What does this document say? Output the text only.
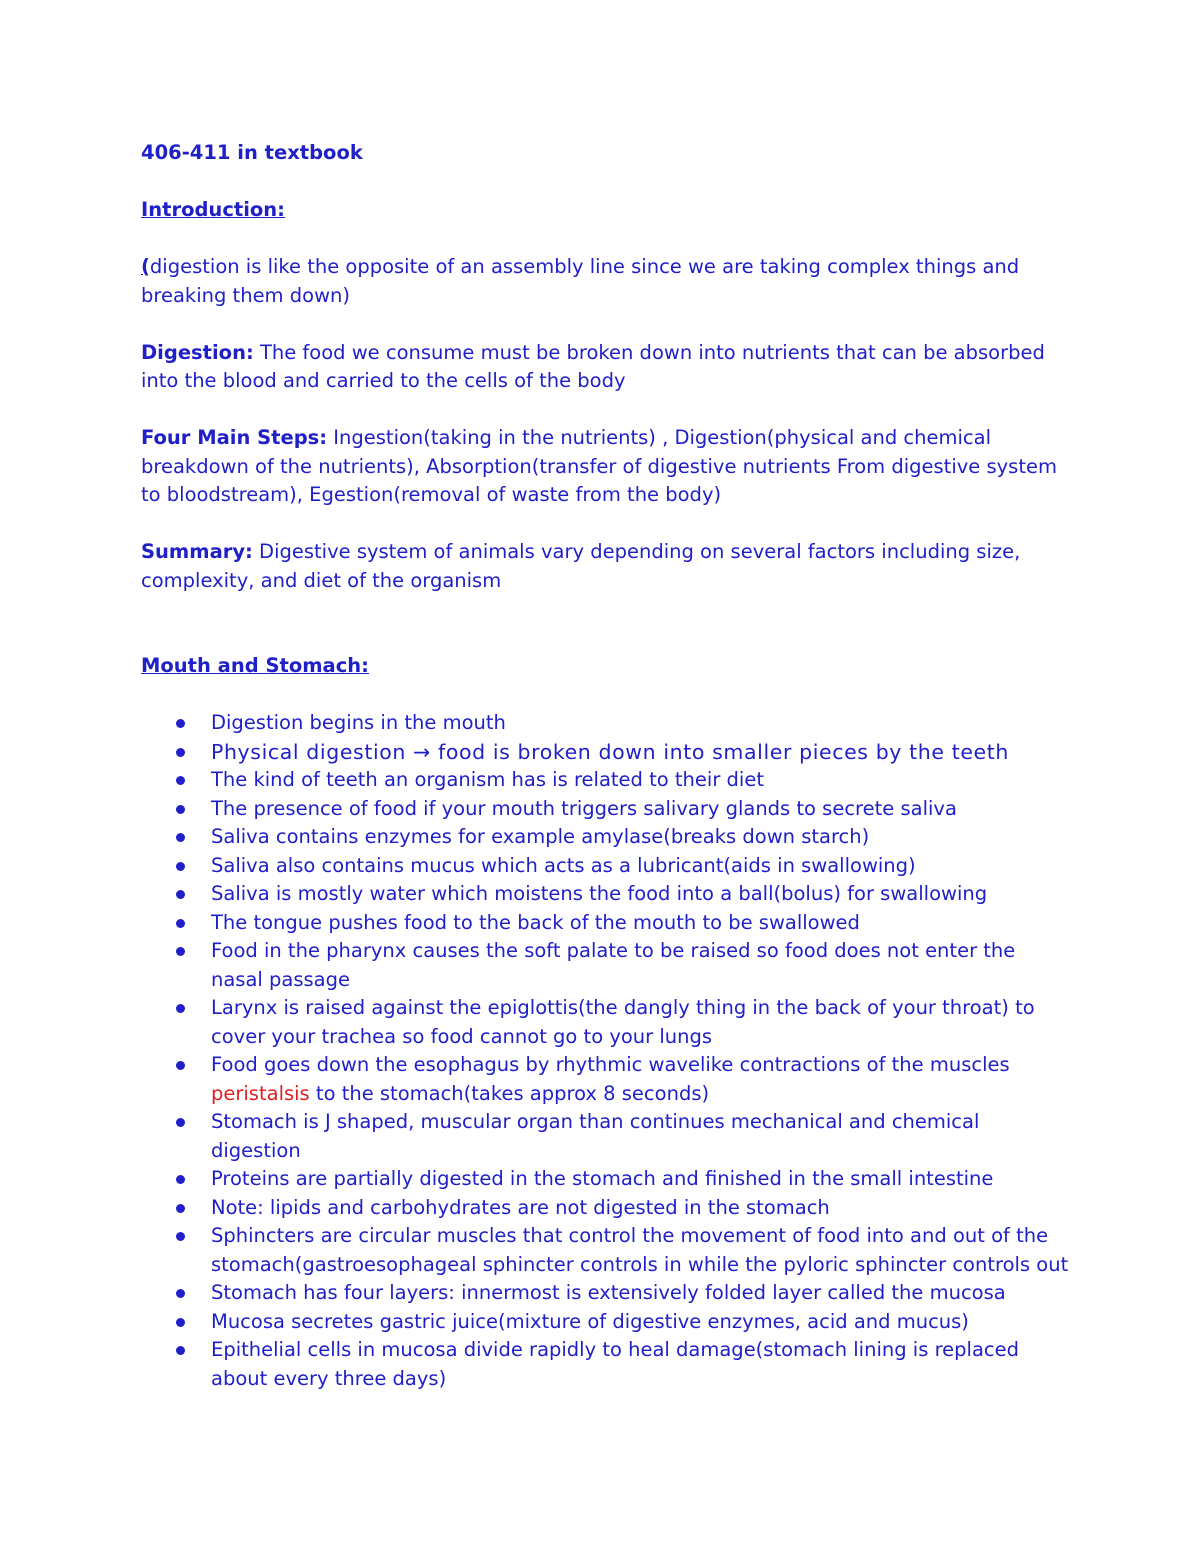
406-411 in textbook

Introduction:

(digestion is like the opposite of an assembly line since we are taking complex things and breaking them down)

Digestion: The food we consume must be broken down into nutrients that can be absorbed into the blood and carried to the cells of the body

Four Main Steps: Ingestion(taking in the nutrients) , Digestion(physical and chemical breakdown of the nutrients), Absorption(transfer of digestive nutrients From digestive system to bloodstream), Egestion(removal of waste from the body)

Summary: Digestive system of animals vary depending on several factors including size, complexity, and diet of the organism

Mouth and Stomach:

Digestion begins in the mouth
Physical digestion → food is broken down into smaller pieces by the teeth
The kind of teeth an organism has is related to their diet
The presence of food if your mouth triggers salivary glands to secrete saliva
Saliva contains enzymes for example amylase(breaks down starch)
Saliva also contains mucus which acts as a lubricant(aids in swallowing)
Saliva is mostly water which moistens the food into a ball(bolus) for swallowing
The tongue pushes food to the back of the mouth to be swallowed
Food in the pharynx causes the soft palate to be raised so food does not enter the nasal passage
Larynx is raised against the epiglottis(the dangly thing in the back of your throat) to cover your trachea so food cannot go to your lungs
Food goes down the esophagus by rhythmic wavelike contractions of the muscles peristalsis to the stomach(takes approx 8 seconds)
Stomach is J shaped, muscular organ than continues mechanical and chemical digestion
Proteins are partially digested in the stomach and finished in the small intestine
Note: lipids and carbohydrates are not digested in the stomach
Sphincters are circular muscles that control the movement of food into and out of the stomach(gastroesophageal sphincter controls in while the pyloric sphincter controls out
Stomach has four layers: innermost is extensively folded layer called the mucosa
Mucosa secretes gastric juice(mixture of digestive enzymes, acid and mucus)
Epithelial cells in mucosa divide rapidly to heal damage(stomach lining is replaced about every three days)
